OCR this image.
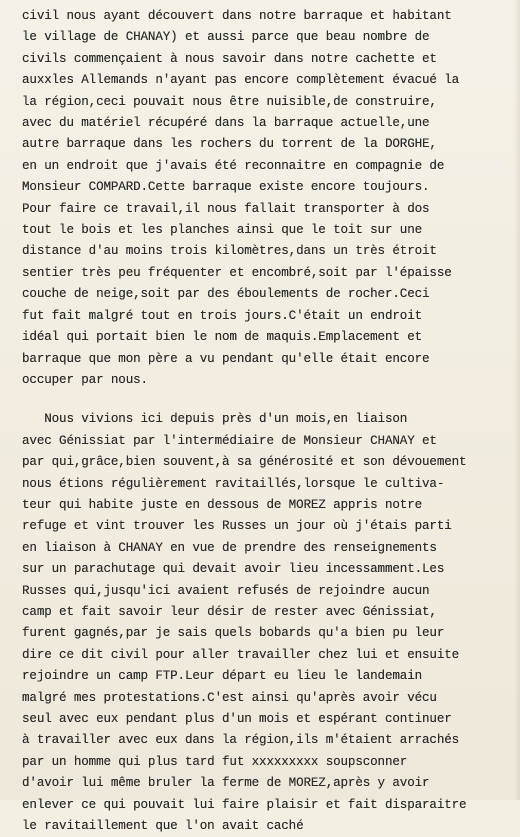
civil nous ayant découvert dans notre barraque et habitant
le village de CHANAY) et aussi parce que beau nombre de
civils commençaient à nous savoir dans notre cachette et
auxxles Allemands n'ayant pas encore complètement évacué la
la région,ceci pouvait nous être nuisible,de construire,
avec du matériel récupéré dans la barraque actuelle,une
autre barraque dans les rochers du torrent de la DORGHE,
en un endroit que j'avais été reconnaitre en compagnie de
Monsieur COMPARD.Cette barraque existe encore toujours.
Pour faire ce travail,il nous fallait transporter à dos
tout le bois et les planches ainsi que le toit sur une
distance d'au moins trois kilomètres,dans un très étroit
sentier très peu fréquenter et encombré,soit par l'épaisse
couche de neige,soit par des éboulements de rocher.Ceci
fut fait malgré tout en trois jours.C'était un endroit
idéal qui portait bien le nom de maquis.Emplacement et
barraque que mon père a vu pendant qu'elle était encore
occuper par nous.
Nous vivions ici depuis près d'un mois,en liaison
avec Génissiat par l'intermédiaire de Monsieur CHANAY et
par qui,grâce,bien souvent,à sa générosité et son dévouement
nous étions régulièrement ravitaillés,lorsque le cultiva-
teur qui habite juste en dessous de MOREZ appris notre
refuge et vint trouver les Russes un jour où j'étais parti
en liaison à CHANAY en vue de prendre des renseignements
sur un parachutage qui devait avoir lieu incessamment.Les
Russes qui,jusqu'ici avaient refusés de rejoindre aucun
camp et fait savoir leur désir de rester avec Génissiat,
furent gagnés,par je sais quels bobards qu'a bien pu leur
dire ce dit civil pour aller travailler chez lui et ensuite
rejoindre un camp FTP.Leur départ eu lieu le landemain
malgré mes protestations.C'est ainsi qu'après avoir vécu
seul avec eux pendant plus d'un mois et espérant continuer
à travailler avec eux dans la région,ils m'étaient arrachés
par un homme qui plus tard fut xxxxxxxxx soupsconner
d'avoir lui même bruler la ferme de MOREZ,après y avoir
enlever ce qui pouvait lui faire plaisir et fait disparaitre
le ravitaillement que l'on avait caché
